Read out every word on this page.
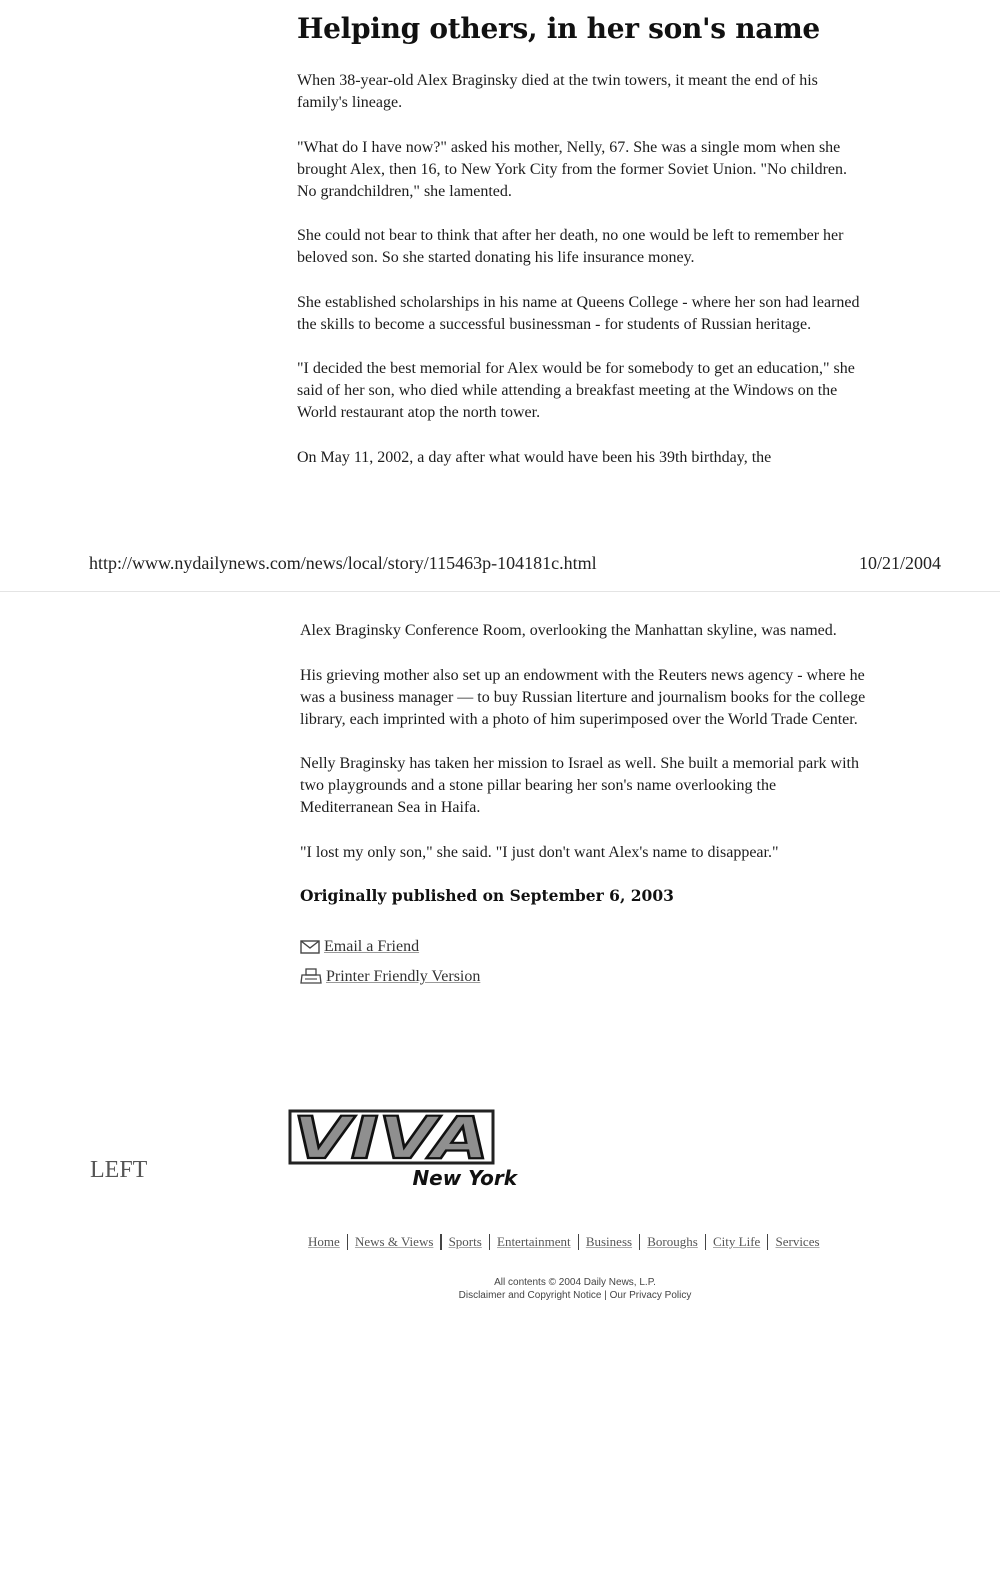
Helping others, in her son's name

When 38-year-old Alex Braginsky died at the twin towers, it meant the end of his family's lineage.

"What do I have now?" asked his mother, Nelly, 67. She was a single mom when she brought Alex, then 16, to New York City from the former Soviet Union. "No children. No grandchildren," she lamented.

She could not bear to think that after her death, no one would be left to remember her beloved son. So she started donating his life insurance money.

She established scholarships in his name at Queens College - where her son had learned the skills to become a successful businessman - for students of Russian heritage.

"I decided the best memorial for Alex would be for somebody to get an education," she said of her son, who died while attending a breakfast meeting at the Windows on the World restaurant atop the north tower.

On May 11, 2002, a day after what would have been his 39th birthday, the

http://www.nydailynews.com/news/local/story/115463p-104181c.html	10/21/2004

Alex Braginsky Conference Room, overlooking the Manhattan skyline, was named.

His grieving mother also set up an endowment with the Reuters news agency - where he was a business manager — to buy Russian literture and journalism books for the college library, each imprinted with a photo of him superimposed over the World Trade Center.

Nelly Braginsky has taken her mission to Israel as well. She built a memorial park with two playgrounds and a stone pillar bearing her son's name overlooking the Mediterranean Sea in Haifa.

"I lost my only son," she said. "I just don't want Alex's name to disappear."

Originally published on September 6, 2003
Email a Friend
Printer Friendly Version
LEFT	VIVA
New York
Home News & Views Sports Entertainment Business Boroughs City Life Services
All contents © 2004 Daily News, L.P.
Disclaimer and Copyright Notice | Our Privacy Policy
